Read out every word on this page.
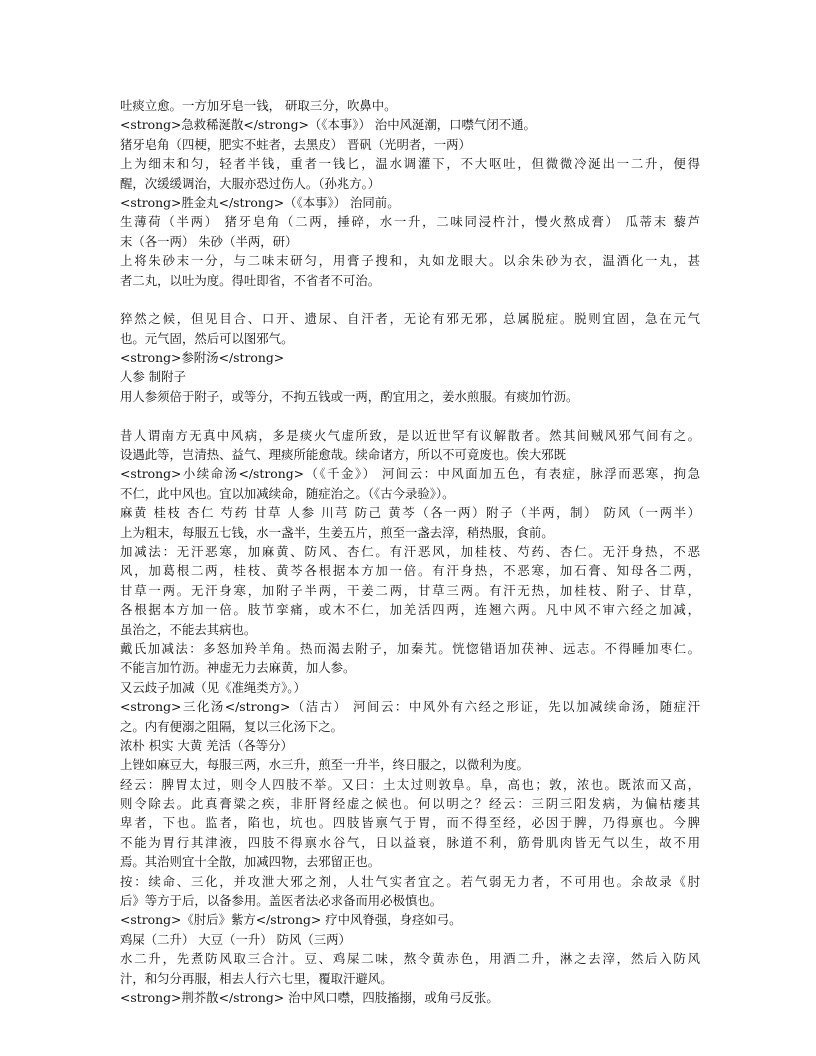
吐痰立愈。一方加牙皂一钱， 研取三分，吹鼻中。
<strong>急救稀涎散</strong>（《本事》） 治中风涎潮，口噤气闭不通。
猪牙皂角（四梗，肥实不蛀者，去黑皮） 晋矾（光明者，一两）
上为细末和匀，轻者半钱，重者一钱匕，温水调灌下，不大呕吐，但微微冷涎出一二升，便得
醒，次缓缓调治，大服亦恐过伤人。（孙兆方。）
<strong>胜金丸</strong>（《本事》） 治同前。
生薄荷（半两） 猪牙皂角（二两，捶碎，水一升，二味同浸杵汁，慢火熬成膏） 瓜蒂末 藜芦
末（各一两） 朱砂（半两，研）
上将朱砂末一分，与二味末研匀，用膏子搜和，丸如龙眼大。以余朱砂为衣，温酒化一丸，甚
者二丸，以吐为度。得吐即省，不省者不可治。
猝然之候，但见目合、口开、遗尿、自汗者，无论有邪无邪，总属脱症。脱则宜固，急在元气
也。元气固，然后可以图邪气。
<strong>参附汤</strong>
人参 制附子
用人参须倍于附子，或等分，不拘五钱或一两，酌宜用之，姜水煎服。有痰加竹沥。
昔人谓南方无真中风病，多是痰火气虚所致，是以近世罕有议解散者。然其间贼风邪气间有之。
设遇此等，岂清热、益气、理痰所能愈哉。续命诸方，所以不可竟废也。俟大邪既
<strong>小续命汤</strong>（《千金》） 河间云：中风面加五色，有表症，脉浮而恶寒，拘急
不仁，此中风也。宜以加减续命，随症治之。（《古今录验》）。
麻黄 桂枝 杏仁 芍药 甘草 人参 川芎 防己 黄芩（各一两）附子（半两，制） 防风（一两半）
上为粗末，每服五七钱，水一盏半，生姜五片，煎至一盏去滓，稍热服，食前。
加减法：无汗恶寒，加麻黄、防风、杏仁。有汗恶风，加桂枝、芍药、杏仁。无汗身热，不恶
风，加葛根二两，桂枝、黄芩各根据本方加一倍。有汗身热，不恶寒，加石膏、知母各二两，
甘草一两。无汗身寒，加附子半两，干姜二两，甘草三两。有汗无热，加桂枝、附子、甘草，
各根据本方加一倍。肢节挛痛，或木不仁，加羌活四两，连翘六两。凡中风不审六经之加减，
虽治之，不能去其病也。
戴氏加减法：多怒加羚羊角。热而渴去附子，加秦艽。恍惚错语加茯神、远志。不得睡加枣仁。
不能言加竹沥。神虚无力去麻黄，加人参。
又云歧子加减（见《准绳类方》。）
<strong>三化汤</strong>（洁古） 河间云：中风外有六经之形证，先以加减续命汤，随症汗
之。内有便溺之阻隔，复以三化汤下之。
浓朴 枳实 大黄 羌活（各等分）
上锉如麻豆大，每服三两，水三升，煎至一升半，终日服之，以微利为度。
经云：脾胃太过，则令人四肢不举。又曰：土太过则敦阜。阜，高也；敦，浓也。既浓而又高，
则令除去。此真膏粱之疾，非肝肾经虚之候也。何以明之？经云：三阴三阳发病，为偏枯痿其
卑者，下也。监者，陷也，坑也。四肢皆禀气于胃，而不得至经，必因于脾，乃得禀也。今脾
不能为胃行其津液，四肢不得禀水谷气，日以益衰，脉道不利，筋骨肌肉皆无气以生，故不用
焉。其治则宜十全散，加减四物，去邪留正也。
按：续命、三化，并攻泄大邪之剂，人壮气实者宜之。若气弱无力者，不可用也。余故录《肘
后》等方于后，以备参用。盖医者法必求备而用必极慎也。
<strong>《肘后》紫方</strong> 疗中风脊强，身痉如弓。
鸡屎（二升） 大豆（一升） 防风（三两）
水二升，先煮防风取三合汁。豆、鸡屎二味，熬令黄赤色，用酒二升，淋之去滓，然后入防风
汁，和匀分再服，相去人行六七里，覆取汗避风。
<strong>荆芥散</strong> 治中风口噤，四肢搐搦，或角弓反张。
